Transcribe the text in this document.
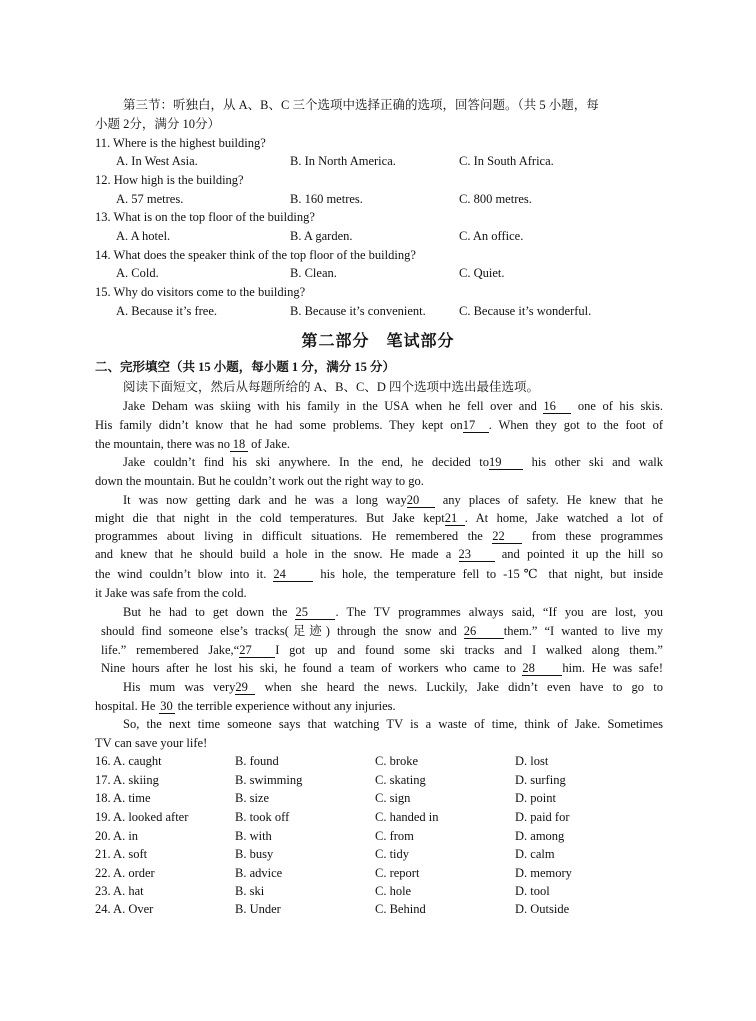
第三节：听独白，从 A、B、C 三个选项中选择正确的选项，回答问题。（共 5 小题，每
小题 2分，满分 10分）
11. Where is the highest building?
A. In West Asia.	B. In North America.	C. In South Africa.
12. How high is the building?
A. 57 metres.	B. 160 metres.	C. 800 metres.
13. What is on the top floor of the building?
A. A hotel.	B. A garden.	C. An office.
14. What does the speaker think of the top floor of the building?
A. Cold.	B. Clean.	C. Quiet.
15. Why do visitors come to the building?
A. Because it’s free.	B. Because it’s convenient.	C. Because it’s wonderful.
第二部分　笔试部分
二、完形填空（共 15 小题，每小题 1 分，满分 15 分）
阅读下面短文，然后从每题所给的 A、B、C、D 四个选项中选出最佳选项。
Jake Deham was skiing with his family in the USA when he fell over and 16 one of his skis.
His family didn’t know that he had some problems. They kept on17 . When they got to the foot of
the mountain, there was no 18 of Jake.
Jake couldn’t find his ski anywhere. In the end, he decided to19 his other ski and walk
down the mountain. But he couldn’t work out the right way to go.
It was now getting dark and he was a long way20 any places of safety. He knew that he
might die that night in the cold temperatures. But Jake kept21 . At home, Jake watched a lot of
programmes about living in difficult situations. He remembered the 22 from these programmes
and knew that he should build a hole in the snow. He made a 23 and pointed it up the hill so
the wind couldn’t blow into it. 24	his hole, the temperature fell to -15℃ that night, but inside
it Jake was safe from the cold.
But he had to get down the 25 . The TV programmes always said, “If you are lost, you
should find someone else’s tracks(足迹) through the snow and 26 them.” “I wanted to live my
life.” remembered Jake,“27 I got up and found some ski tracks and I walked along them.”
Nine hours after he lost his ski, he found a team of workers who came to 28 him. He was safe!
His mum was very29 when she heard the news. Luckily, Jake didn’t even have to go to
hospital. He 30 the terrible experience without any injuries.
So, the next time someone says that watching TV is a waste of time, think of Jake. Sometimes
TV can save your life!
16. A. caught	B. found	C. broke	D. lost
17. A. skiing	B. swimming	C. skating	D. surfing
18. A. time	B. size	C. sign	D. point
19. A. looked after	B. took off	C. handed in	D. paid for
20. A. in	B. with	C. from	D. among
21. A. soft	B. busy	C. tidy	D. calm
22. A. order	B. advice	C. report	D. memory
23. A. hat	B. ski	C. hole	D. tool
24. A. Over	B. Under	C. Behind	D. Outside
